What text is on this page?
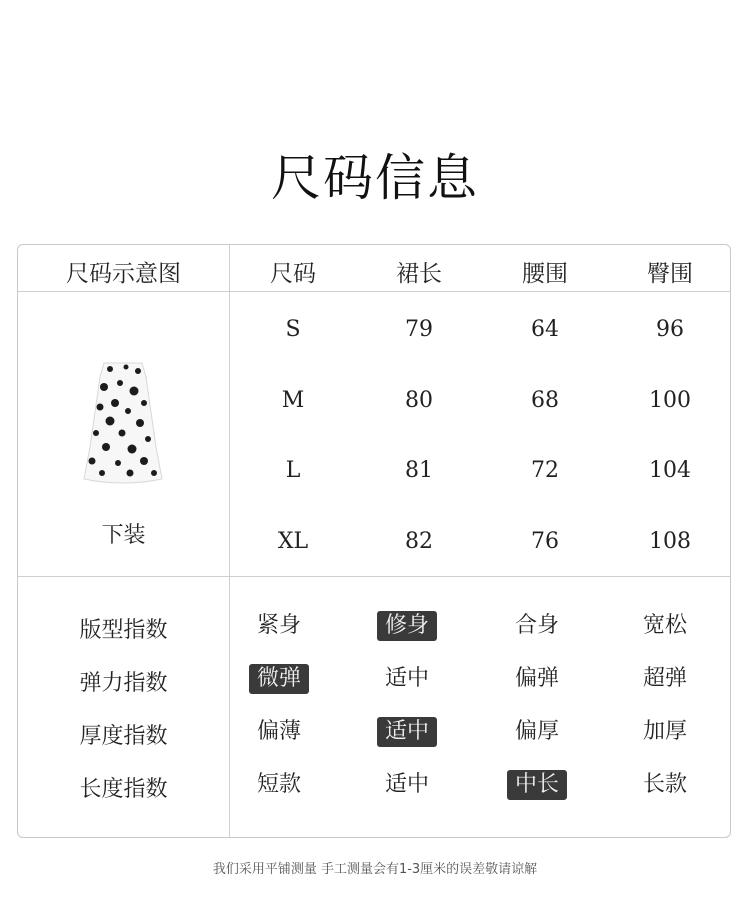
尺码信息
尺码示意图	尺码	裙长	腰围	臀围
下装
S	79	64	96
M	80	68	100
L	81	72	104
XL	82	76	108
版型指数	紧身	修身	合身	宽松
弹力指数	微弹	适中	偏弹	超弹
厚度指数	偏薄	适中	偏厚	加厚
长度指数	短款	适中	中长	长款
我们采用平铺测量 手工测量会有1-3厘米的误差敬请谅解
